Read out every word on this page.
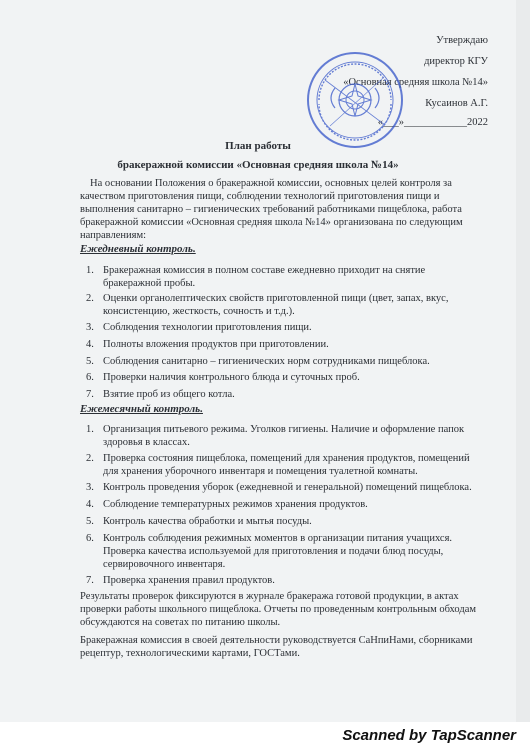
Утверждаю
директор КГУ
«Основная средняя школа №14»
Кусаинов А.Г.
«___»____________2022
План работы
бракеражной комиссии «Основная средняя школа №14»
На основании Положения о бракеражной комиссии, основных целей контроля за качеством приготовления пищи, соблюдении технологий приготовления пищи и выполнения санитарно – гигиенических требований работниками пищеблока, работа бракеражной комиссии «Основная средняя школа №14» организована по следующим направлениям:
Ежедневный контроль.
1. Бракеражная комиссия в полном составе ежедневно приходит на снятие бракеражной пробы.
2. Оценки органолептических свойств приготовленной пищи (цвет, запах, вкус, консистенцию, жесткость, сочность и т.д.).
3. Соблюдения технологии приготовления пищи.
4. Полноты вложения продуктов при приготовлении.
5. Соблюдения санитарно – гигиенических норм сотрудниками пищеблока.
6. Проверки наличия контрольного блюда и суточных проб.
7. Взятие проб из общего котла.
Ежемесячный контроль.
1. Организация питьевого режима. Уголков гигиены. Наличие и оформление папок здоровья в классах.
2. Проверка состояния пищеблока, помещений для хранения продуктов, помещений для хранения уборочного инвентаря и помещения туалетной комнаты.
3. Контроль проведения уборок (ежедневной и генеральной) помещений пищеблока.
4. Соблюдение температурных режимов хранения продуктов.
5. Контроль качества обработки и мытья посуды.
6. Контроль соблюдения режимных моментов в организации питания учащихся. Проверка качества используемой для приготовления и подачи блюд посуды, сервировочного инвентаря.
7. Проверка хранения правил продуктов.
Результаты проверок фиксируются в журнале бракеража готовой продукции, в актах проверки работы школьного пищеблока. Отчеты по проведенным контрольным обходам обсуждаются на советах по питанию школы.
Бракеражная комиссия в своей деятельности руководствуется СаНпиНами, сборниками рецептур, технологическими картами, ГОСТами.
Scanned by TapScanner
